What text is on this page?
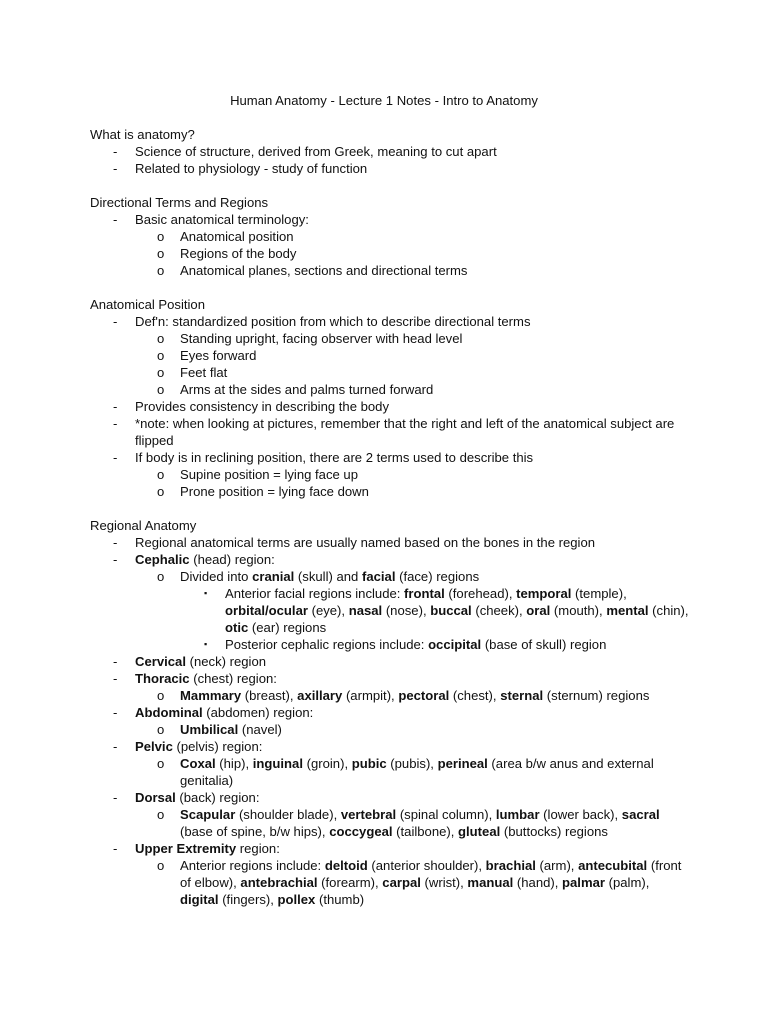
Human Anatomy - Lecture 1 Notes - Intro to Anatomy
What is anatomy?
- Science of structure, derived from Greek, meaning to cut apart
- Related to physiology - study of function
Directional Terms and Regions
- Basic anatomical terminology:
o Anatomical position
o Regions of the body
o Anatomical planes, sections and directional terms
Anatomical Position
- Def'n: standardized position from which to describe directional terms
o Standing upright, facing observer with head level
o Eyes forward
o Feet flat
o Arms at the sides and palms turned forward
- Provides consistency in describing the body
- *note: when looking at pictures, remember that the right and left of the anatomical subject are flipped
- If body is in reclining position, there are 2 terms used to describe this
o Supine position = lying face up
o Prone position = lying face down
Regional Anatomy
- Regional anatomical terms are usually named based on the bones in the region
- Cephalic (head) region:
o Divided into cranial (skull) and facial (face) regions
▪ Anterior facial regions include: frontal (forehead), temporal (temple), orbital/ocular (eye), nasal (nose), buccal (cheek), oral (mouth), mental (chin), otic (ear) regions
▪ Posterior cephalic regions include: occipital (base of skull) region
- Cervical (neck) region
- Thoracic (chest) region:
o Mammary (breast), axillary (armpit), pectoral (chest), sternal (sternum) regions
- Abdominal (abdomen) region:
o Umbilical (navel)
- Pelvic (pelvis) region:
o Coxal (hip), inguinal (groin), pubic (pubis), perineal (area b/w anus and external genitalia)
- Dorsal (back) region:
o Scapular (shoulder blade), vertebral (spinal column), lumbar (lower back), sacral (base of spine, b/w hips), coccygeal (tailbone), gluteal (buttocks) regions
- Upper Extremity region:
o Anterior regions include: deltoid (anterior shoulder), brachial (arm), antecubital (front of elbow), antebrachial (forearm), carpal (wrist), manual (hand), palmar (palm), digital (fingers), pollex (thumb)
